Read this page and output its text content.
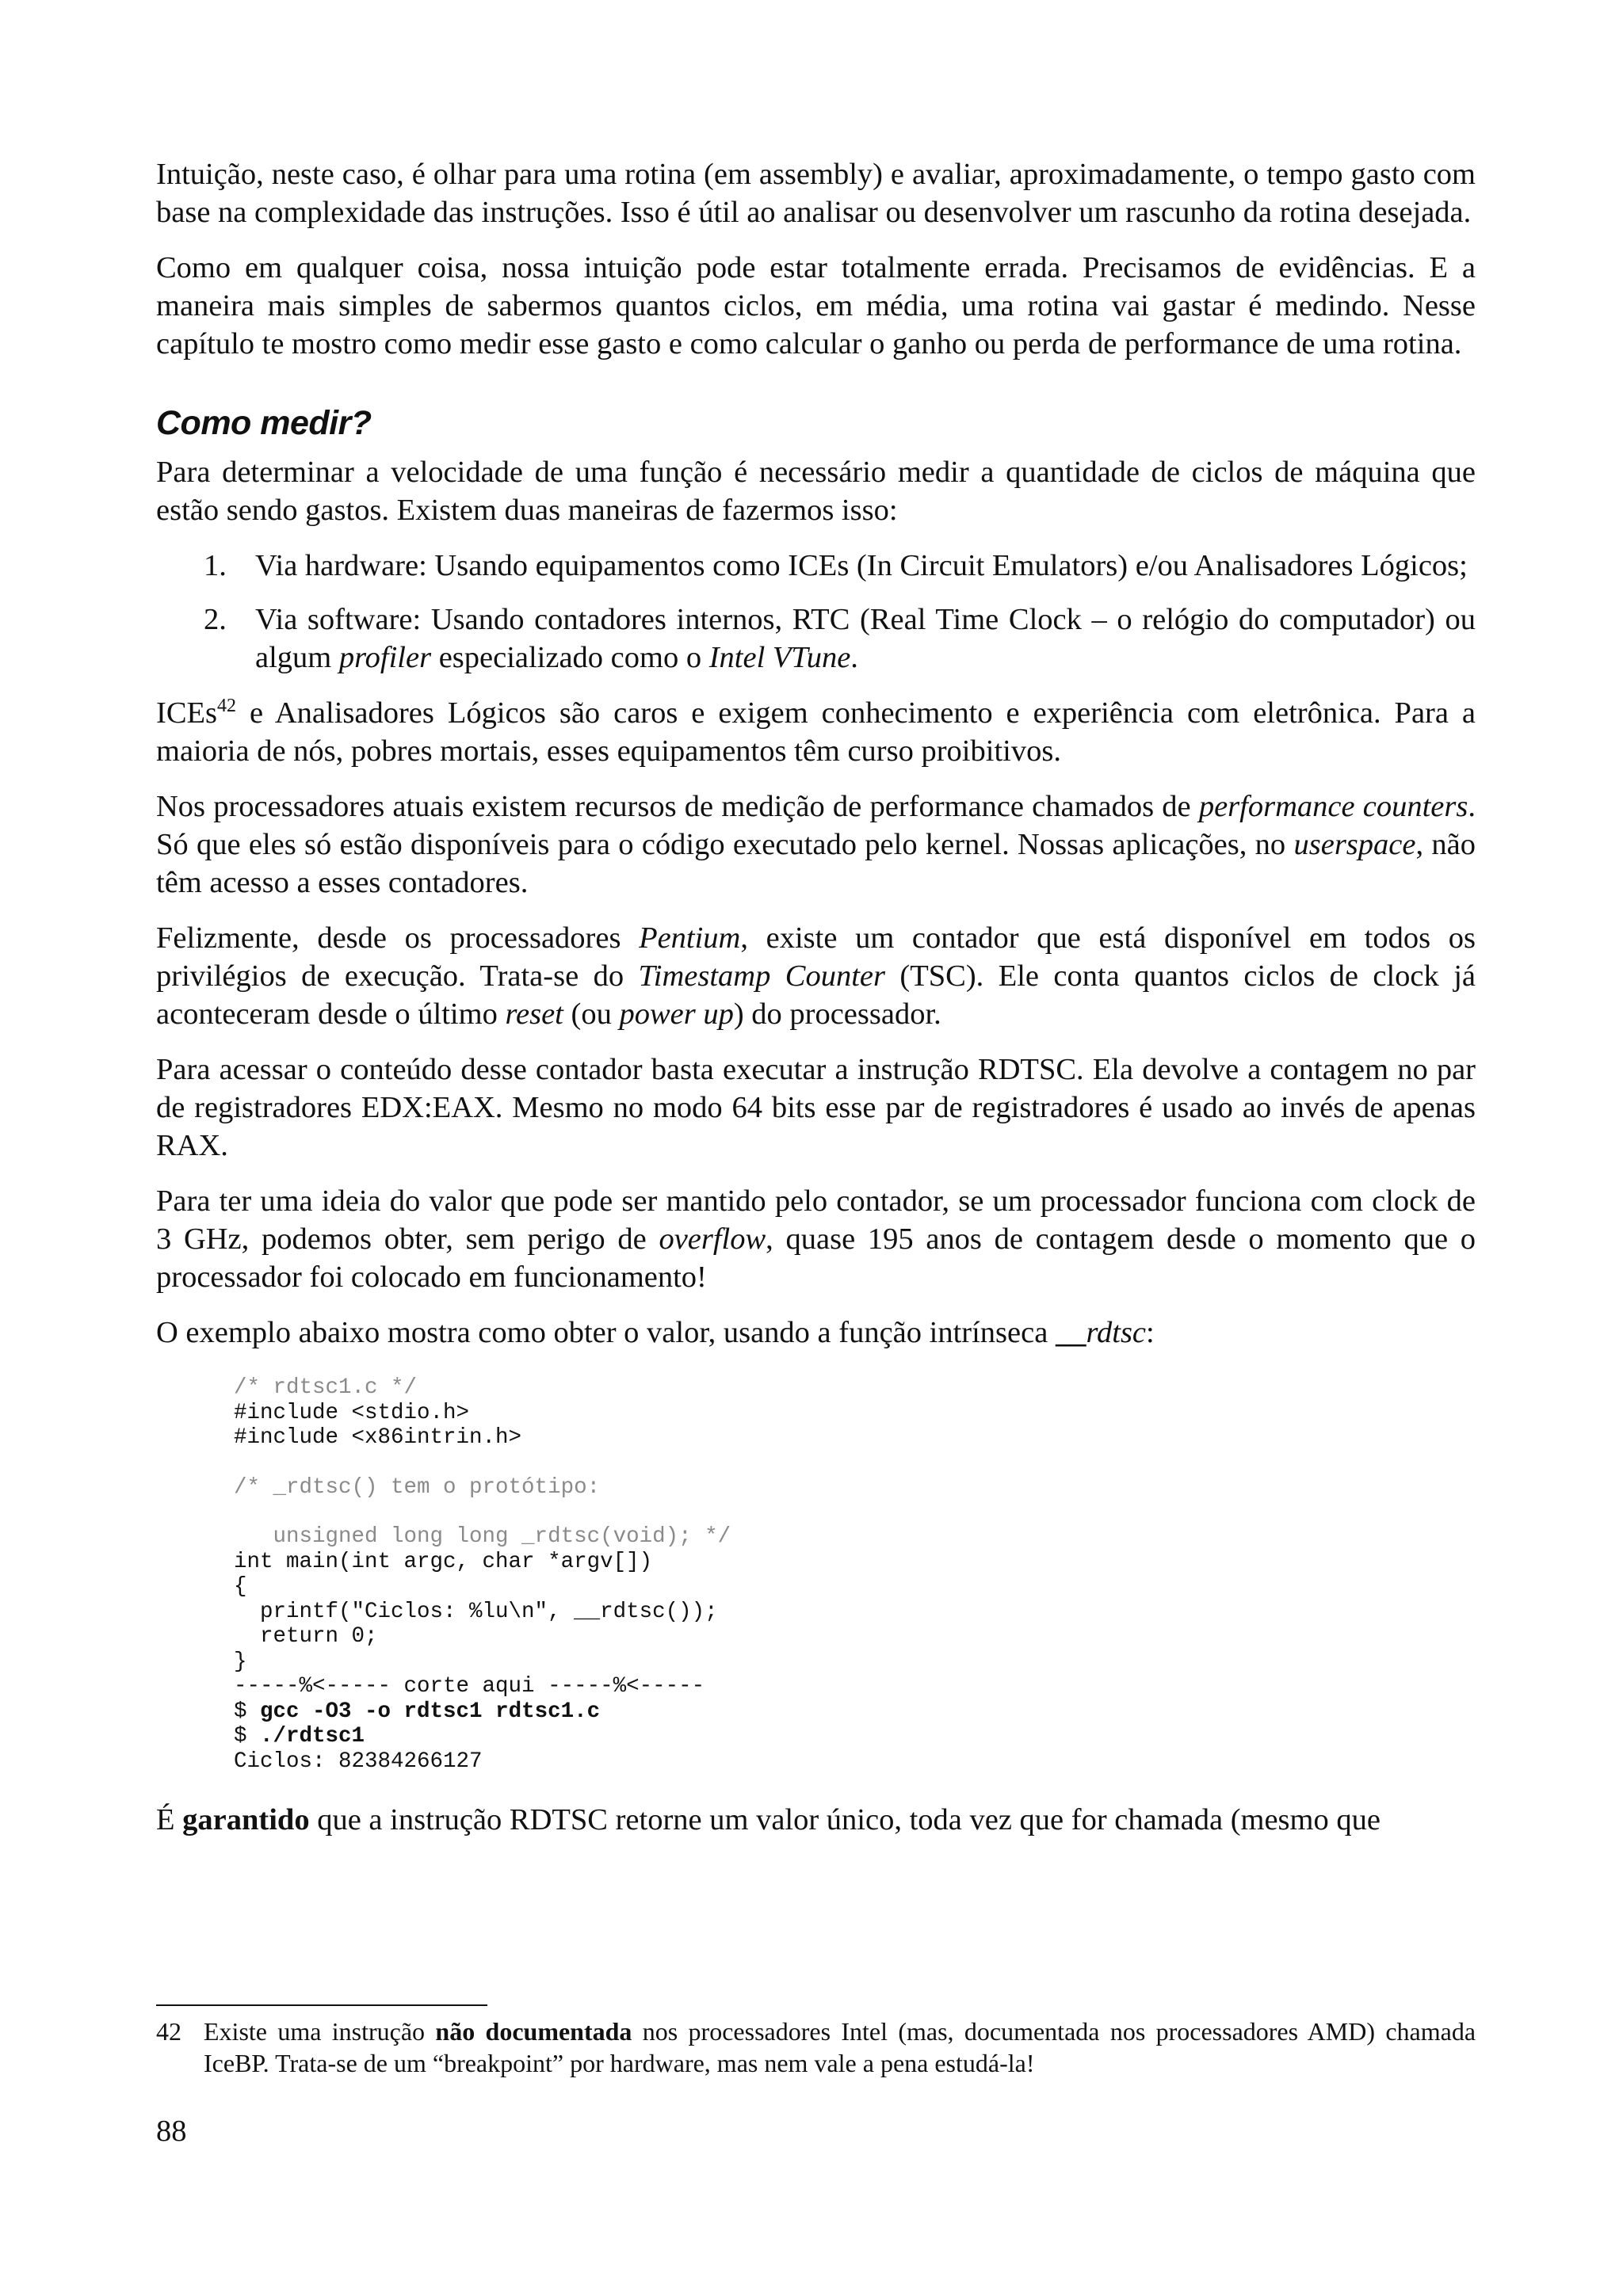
Intuição, neste caso, é olhar para uma rotina (em assembly) e avaliar, aproximadamente, o tempo gasto com base na complexidade das instruções. Isso é útil ao analisar ou desenvolver um rascunho da rotina desejada.

Como em qualquer coisa, nossa intuição pode estar totalmente errada. Precisamos de evidências. E a maneira mais simples de sabermos quantos ciclos, em média, uma rotina vai gastar é medindo. Nesse capítulo te mostro como medir esse gasto e como calcular o ganho ou perda de performance de uma rotina.

Como medir?

Para determinar a velocidade de uma função é necessário medir a quantidade de ciclos de máquina que estão sendo gastos. Existem duas maneiras de fazermos isso:

1. Via hardware: Usando equipamentos como ICEs (In Circuit Emulators) e/ou Analisadores Lógicos;
2. Via software: Usando contadores internos, RTC (Real Time Clock – o relógio do computador) ou algum profiler especializado como o Intel VTune.

ICEs$^{42}$ e Analisadores Lógicos são caros e exigem conhecimento e experiência com eletrônica. Para a maioria de nós, pobres mortais, esses equipamentos têm curso proibitivos.

Nos processadores atuais existem recursos de medição de performance chamados de performance counters. Só que eles só estão disponíveis para o código executado pelo kernel. Nossas aplicações, no userspace, não têm acesso a esses contadores.

Felizmente, desde os processadores Pentium, existe um contador que está disponível em todos os privilégios de execução. Trata-se do Timestamp Counter (TSC). Ele conta quantos ciclos de clock já aconteceram desde o último reset (ou power up) do processador.

Para acessar o conteúdo desse contador basta executar a instrução RDTSC. Ela devolve a contagem no par de registradores EDX:EAX. Mesmo no modo 64 bits esse par de registradores é usado ao invés de apenas RAX.

Para ter uma ideia do valor que pode ser mantido pelo contador, se um processador funciona com clock de 3 GHz, podemos obter, sem perigo de overflow, quase 195 anos de contagem desde o momento que o processador foi colocado em funcionamento!

O exemplo abaixo mostra como obter o valor, usando a função intrínseca __rdtsc:

/* rdtsc1.c */
#include <stdio.h>
#include <x86intrin.h>
/* _rdtsc() tem o protótipo:
unsigned long long _rdtsc(void); */
int main(int argc, char *argv[])
{
printf("Ciclos: %lu\n", __rdtsc());
return 0;
}
-----%<----- corte aqui -----%<-----
$ gcc -O3 -o rdtsc1 rdtsc1.c
$ ./rdtsc1
Ciclos: 82384266127

É garantido que a instrução RDTSC retorne um valor único, toda vez que for chamada (mesmo que

42 Existe uma instrução não documentada nos processadores Intel (mas, documentada nos processadores AMD) chamada IceBP. Trata-se de um “breakpoint” por hardware, mas nem vale a pena estudá-la!
88
